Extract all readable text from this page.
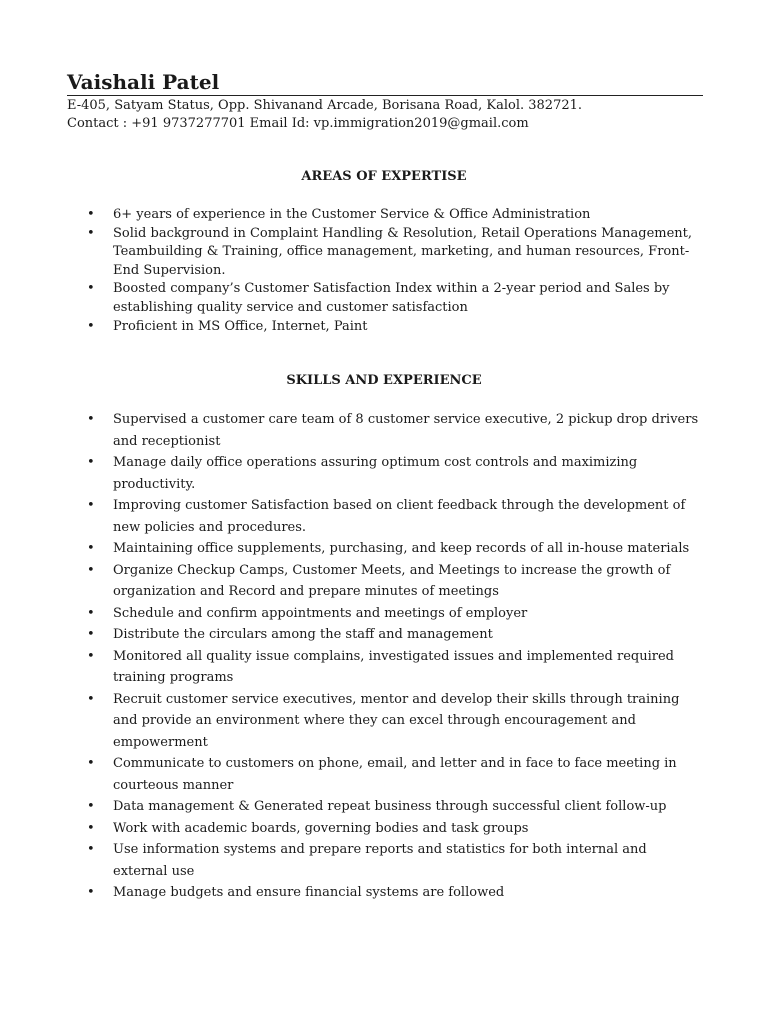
Vaishali Patel

E-405, Satyam Status, Opp. Shivanand Arcade, Borisana Road, Kalol. 382721.

Contact : +91 9737277701 Email Id: vp.immigration2019@gmail.com

AREAS OF EXPERTISE
• 6+ years of experience in the Customer Service & Office Administration
• Solid background in Complaint Handling & Resolution, Retail Operations Management, Teambuilding & Training, office management, marketing, and human resources, Front-End Supervision.
• Boosted company’s Customer Satisfaction Index within a 2-year period and Sales by establishing quality service and customer satisfaction
• Proficient in MS Office, Internet, Paint
SKILLS AND EXPERIENCE
• Supervised a customer care team of 8 customer service executive, 2 pickup drop drivers and receptionist
• Manage daily office operations assuring optimum cost controls and maximizing productivity.
• Improving customer Satisfaction based on client feedback through the development of new policies and procedures.
• Maintaining office supplements, purchasing, and keep records of all in-house materials
• Organize Checkup Camps, Customer Meets, and Meetings to increase the growth of organization and Record and prepare minutes of meetings
• Schedule and confirm appointments and meetings of employer
• Distribute the circulars among the staff and management
• Monitored all quality issue complains, investigated issues and implemented required training programs
• Recruit customer service executives, mentor and develop their skills through training and provide an environment where they can excel through encouragement and empowerment
• Communicate to customers on phone, email, and letter and in face to face meeting in courteous manner
• Data management & Generated repeat business through successful client follow-up
• Work with academic boards, governing bodies and task groups
• Use information systems and prepare reports and statistics for both internal and external use
• Manage budgets and ensure financial systems are followed
